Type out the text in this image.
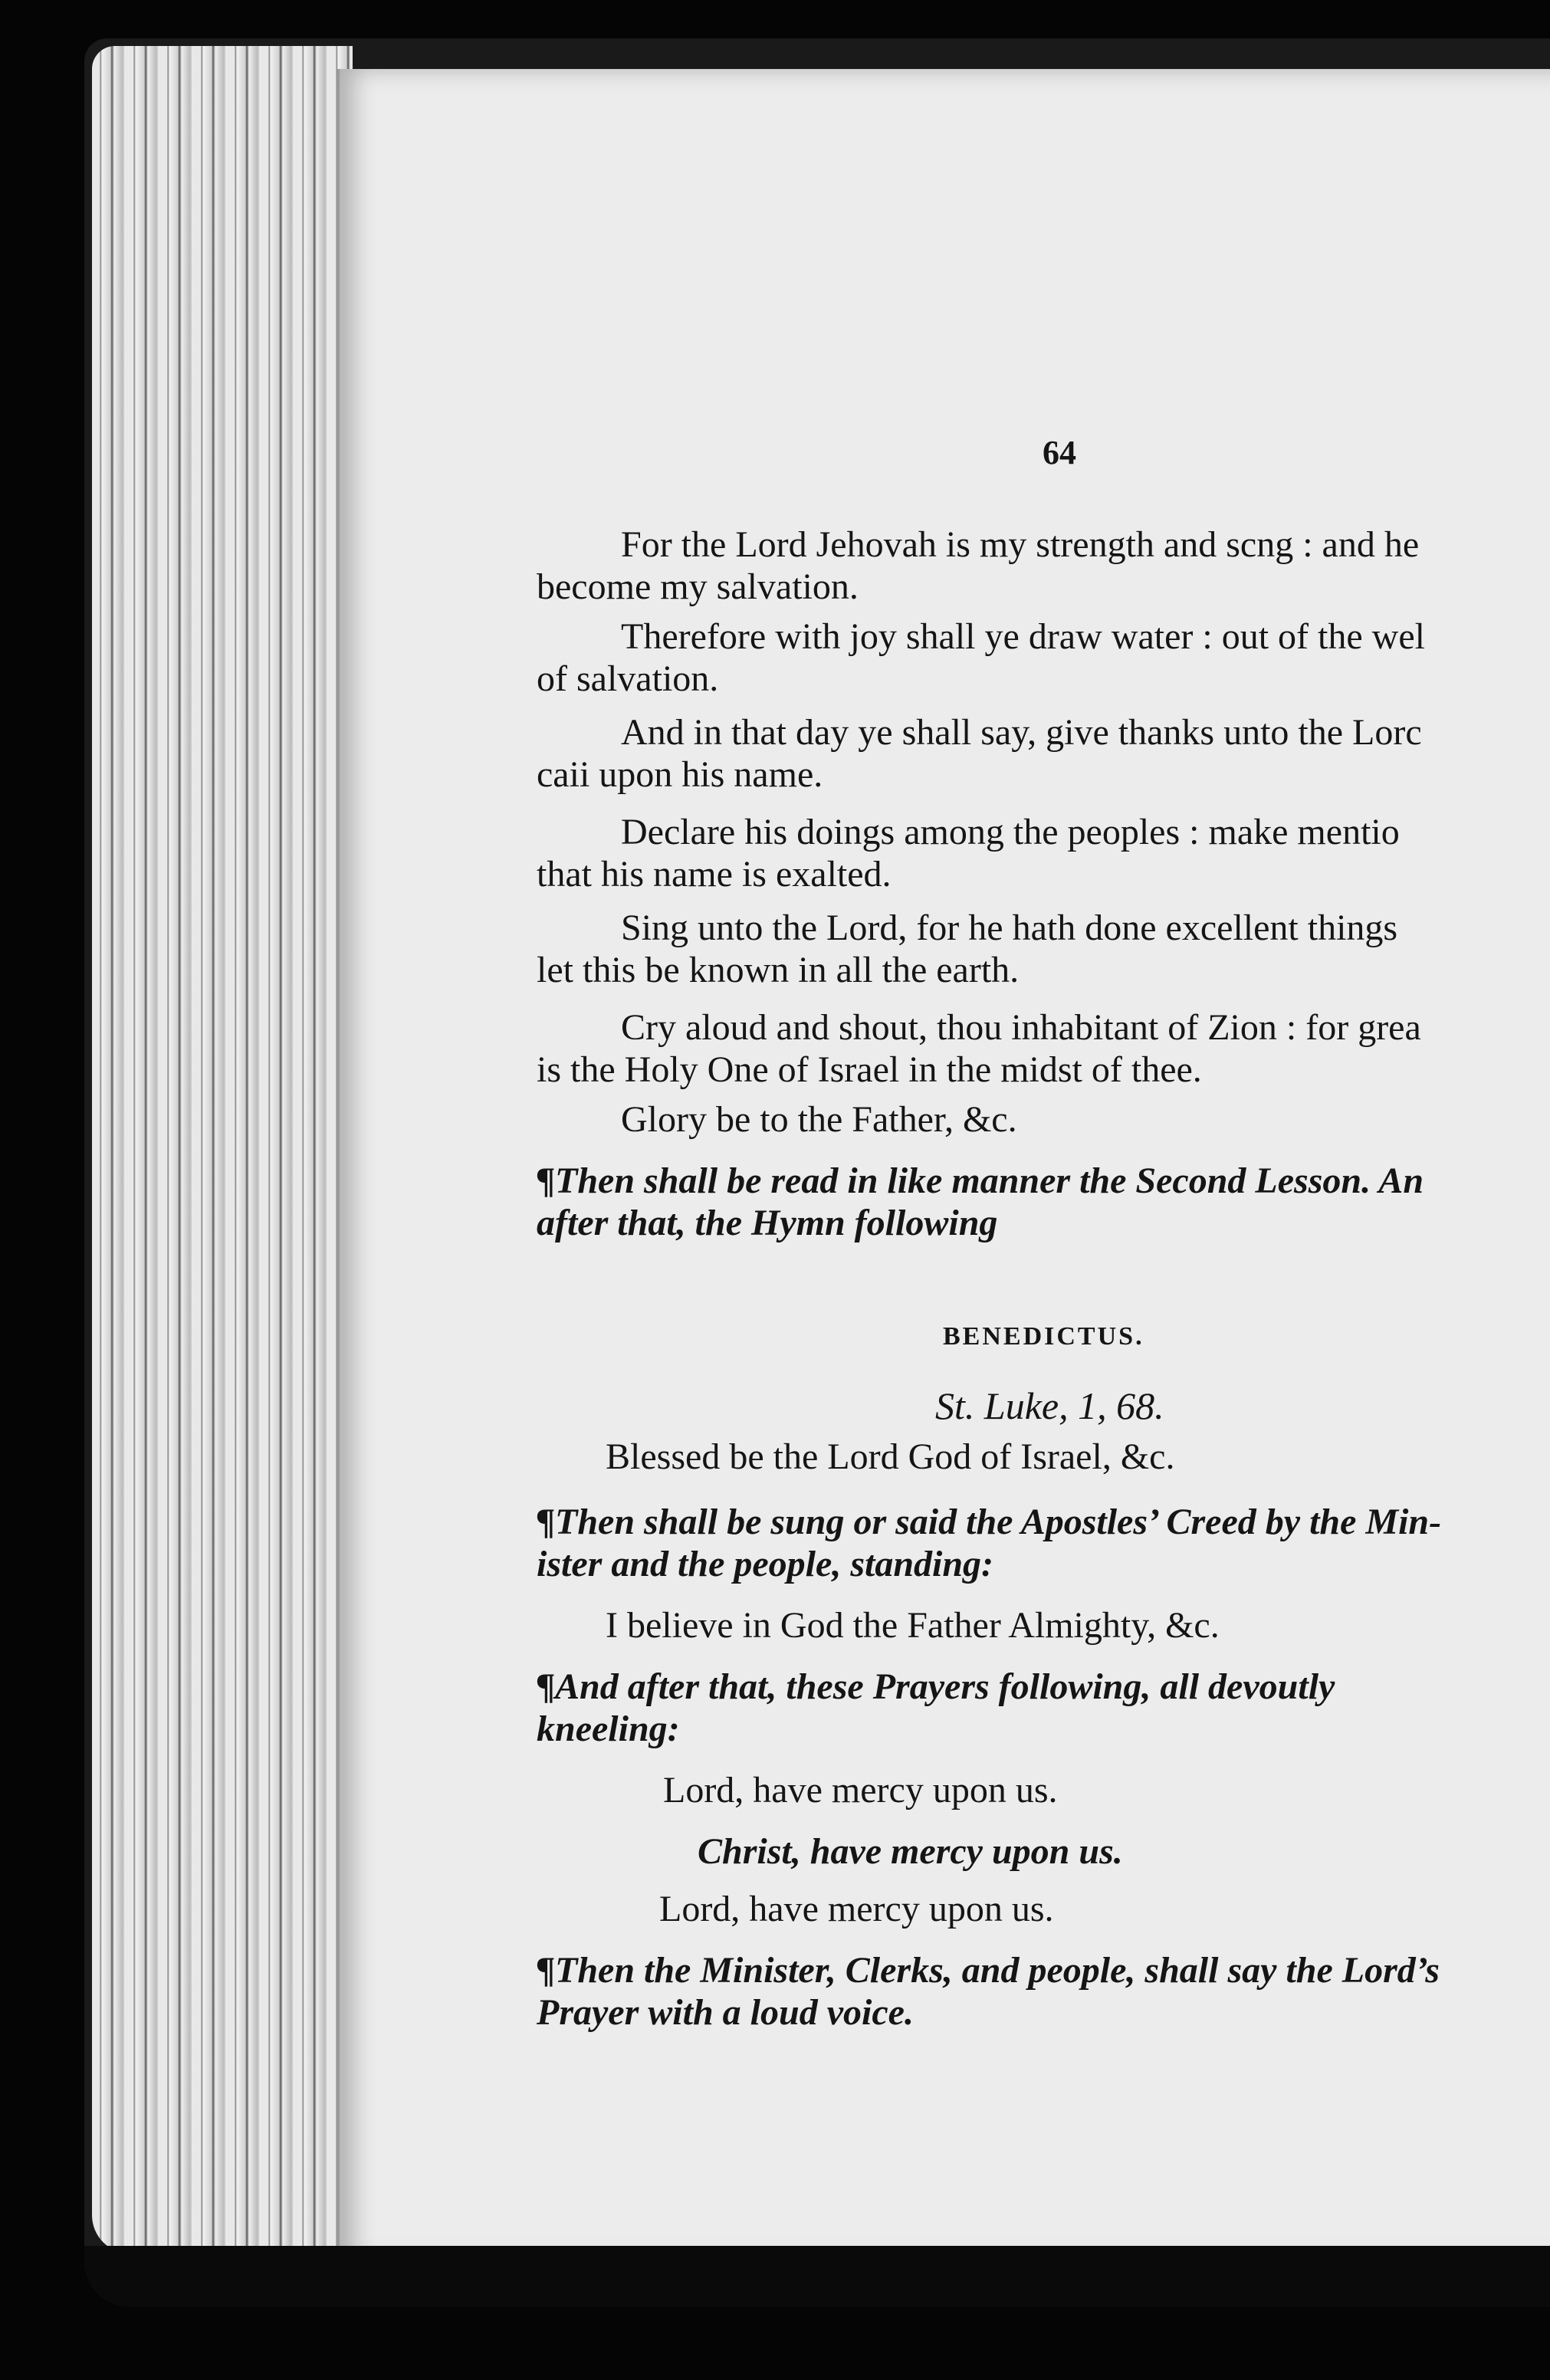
64
For the Lord Jehovah is my strength and scng : and he
become my salvation.
Therefore with joy shall ye draw water : out of the wel
of salvation.
And in that day ye shall say, give thanks unto the Lorc
caii upon his name.
Declare his doings among the peoples : make mentio
that his name is exalted.
Sing unto the Lord, for he hath done excellent things
let this be known in all the earth.
Cry aloud and shout, thou inhabitant of Zion : for grea
is the Holy One of Israel in the midst of thee.
Glory be to the Father, &c.
¶Then shall be read in like manner the Second Lesson. An
after that, the Hymn following
BENEDICTUS.
St. Luke, 1, 68.
Blessed be the Lord God of Israel, &c.
¶Then shall be sung or said the Apostles’ Creed by the Min-
ister and the people, standing:
I believe in God the Father Almighty, &c.
¶And after that, these Prayers following, all devoutly
kneeling:
Lord, have mercy upon us.
Christ, have mercy upon us.
Lord, have mercy upon us.
¶Then the Minister, Clerks, and people, shall say the Lord’s
Prayer with a loud voice.
